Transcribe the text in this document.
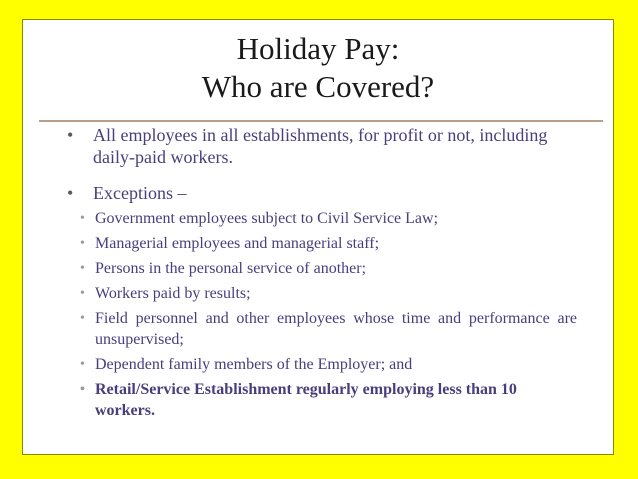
Holiday Pay:
Who are Covered?
• All employees in all establishments, for profit or not, including daily-paid workers.
• Exceptions –
• Government employees subject to Civil Service Law;
• Managerial employees and managerial staff;
• Persons in the personal service of another;
• Workers paid by results;
• Field personnel and other employees whose time and performance are unsupervised;
• Dependent family members of the Employer; and
• Retail/Service Establishment regularly employing less than 10 workers.
